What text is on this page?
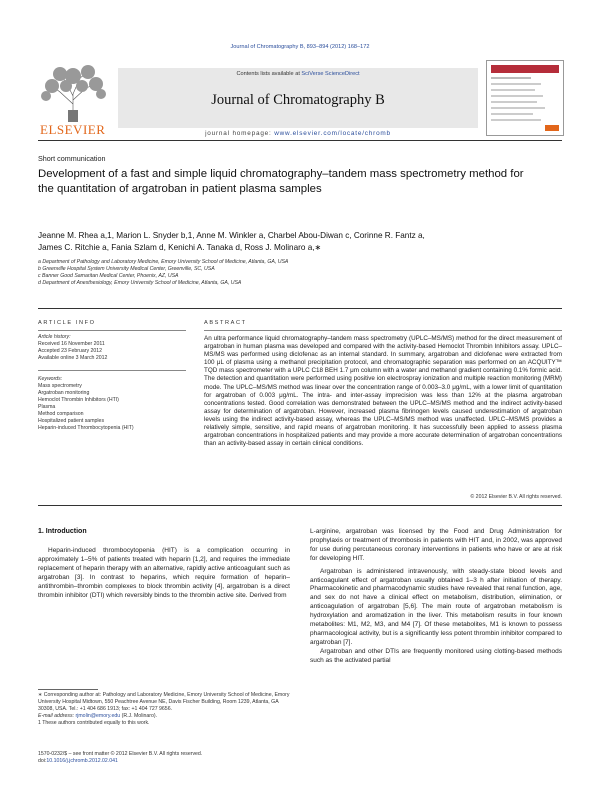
Journal of Chromatography B, 893–894 (2012) 168–172
ELSEVIER
Contents lists available at SciVerse ScienceDirect
Journal of Chromatography B
journal homepage: www.elsevier.com/locate/chromb
Short communication
Development of a fast and simple liquid chromatography–tandem mass spectrometry method for the quantitation of argatroban in patient plasma samples
Jeanne M. Rhea a,1, Marion L. Snyder b,1, Anne M. Winkler a, Charbel Abou-Diwan c, Corinne R. Fantz a,
James C. Ritchie a, Fania Szlam d, Kenichi A. Tanaka d, Ross J. Molinaro a,∗
a Department of Pathology and Laboratory Medicine, Emory University School of Medicine, Atlanta, GA, USA
b Greenville Hospital System University Medical Center, Greenville, SC, USA
c Banner Good Samaritan Medical Center, Phoenix, AZ, USA
d Department of Anesthesiology, Emory University School of Medicine, Atlanta, GA, USA
ARTICLE INFO
Article history:
Received 16 November 2011
Accepted 23 February 2012
Available online 3 March 2012
Keywords:
Mass spectrometry
Argatroban monitoring
Hemoclot Thrombin Inhibitors (HTI)
Plasma
Method comparison
Hospitalized patient samples
Heparin-induced Thrombocytopenia (HIT)
ABSTRACT
An ultra performance liquid chromatography–tandem mass spectrometry (UPLC–MS/MS) method for the direct measurement of argatroban in human plasma was developed and compared with the activity-based Hemoclot Thrombin Inhibitors assay. UPLC–MS/MS was performed using diclofenac as an internal standard. In summary, argatroban and diclofenac were extracted from 100 μL of plasma using a methanol precipitation protocol, and chromatographic separation was performed on an ACQUITY™ TQD mass spectrometer with a UPLC C18 BEH 1.7 μm column with a water and methanol gradient containing 0.1% formic acid. The detection and quantitation were performed using positive ion electrospray ionization and multiple reaction monitoring (MRM) mode. The UPLC–MS/MS method was linear over the concentration range of 0.003–3.0 μg/mL, with a lower limit of quantitation for argatroban of 0.003 μg/mL. The intra- and inter-assay imprecision was less than 12% at the plasma argatroban concentrations tested. Good correlation was demonstrated between the UPLC–MS/MS method and the indirect activity-based assay for determination of argatroban. However, increased plasma fibrinogen levels caused underestimation of argatroban levels using the indirect activity-based assay, whereas the UPLC–MS/MS method was unaffected. UPLC–MS/MS provides a relatively simple, sensitive, and rapid means of argatroban monitoring. It has successfully been applied to assess plasma argatroban concentrations in hospitalized patients and may provide a more accurate determination of argatroban concentrations than an activity-based assay in certain clinical conditions.
© 2012 Elsevier B.V. All rights reserved.
1. Introduction

Heparin-induced thrombocytopenia (HIT) is a complication occurring in approximately 1–5% of patients treated with heparin [1,2], and requires the immediate replacement of heparin therapy with an alternative, rapidly active anticoagulant such as argatroban [3]. In contrast to heparins, which require formation of heparin–antithrombin–thrombin complexes to block thrombin activity [4], argatroban is a direct thrombin inhibitor (DTI) which reversibly binds to the thrombin active site. Derived from

L-arginine, argatroban was licensed by the Food and Drug Administration for prophylaxis or treatment of thrombosis in patients with HIT and, in 2002, was approved for use during percutaneous coronary interventions in patients who have or are at risk for developing HIT.

Argatroban is administered intravenously, with steady-state blood levels and anticoagulant effect of argatroban usually obtained 1–3 h after initiation of therapy. Pharmacokinetic and pharmacodynamic studies have revealed that renal function, age, and sex do not have a clinical effect on metabolism, distribution, elimination, or anticoagulation of argatroban [5,6]. The main route of argatroban metabolism is hydroxylation and aromatization in the liver. This metabolism results in four known metabolites: M1, M2, M3, and M4 [7]. Of these metabolites, M1 is known to possess pharmacological activity, but is a significantly less potent thrombin inhibitor compared to argatroban [7].

Argatroban and other DTIs are frequently monitored using clotting-based methods such as the activated partial

∗ Corresponding author at: Pathology and Laboratory Medicine, Emory University School of Medicine, Emory University Hospital Midtown, 550 Peachtree Avenue NE, Davis Fischer Building, Room 1239, Atlanta, GA 30308, USA. Tel.: +1 404 686 1913; fax: +1 404 727 9656.
E-mail address: rjmolin@emory.edu (R.J. Molinaro).
1 These authors contributed equally to this work.
1570-0232/$ – see front matter © 2012 Elsevier B.V. All rights reserved.
doi:10.1016/j.jchromb.2012.02.041
